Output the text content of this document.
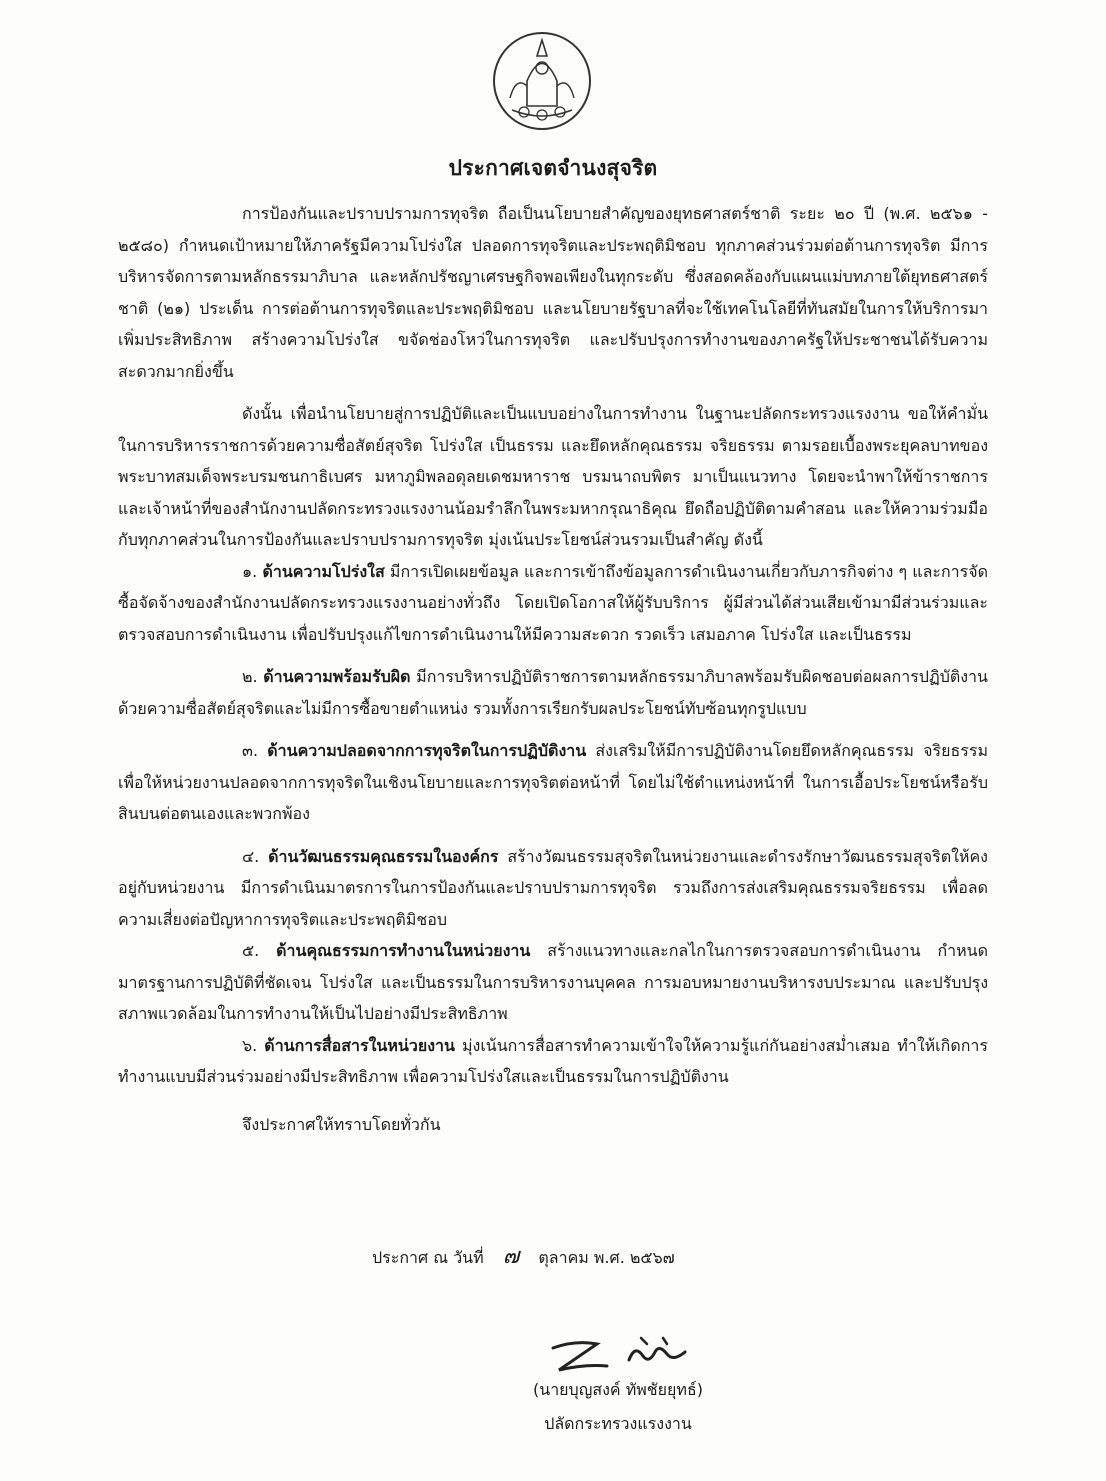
ประกาศเจตจำนงสุจริต

การป้องกันและปราบปรามการทุจริต ถือเป็นนโยบายสำคัญของยุทธศาสตร์ชาติ ระยะ ๒๐ ปี (พ.ศ. ๒๕๖๑ - ๒๕๘๐) กำหนดเป้าหมายให้ภาครัฐมีความโปร่งใส ปลอดการทุจริตและประพฤติมิชอบ ทุกภาคส่วนร่วมต่อต้านการทุจริต มีการบริหารจัดการตามหลักธรรมาภิบาล และหลักปรัชญาเศรษฐกิจพอเพียงในทุกระดับ ซึ่งสอดคล้องกับแผนแม่บทภายใต้ยุทธศาสตร์ชาติ (๒๑) ประเด็น การต่อต้านการทุจริตและประพฤติมิชอบ และนโยบายรัฐบาลที่จะใช้เทคโนโลยีที่ทันสมัยในการให้บริการมาเพิ่มประสิทธิภาพ สร้างความโปร่งใส ขจัดช่องโหว่ในการทุจริต และปรับปรุงการทำงานของภาครัฐให้ประชาชนได้รับความสะดวกมากยิ่งขึ้น

ดังนั้น เพื่อนำนโยบายสู่การปฏิบัติและเป็นแบบอย่างในการทำงาน ในฐานะปลัดกระทรวงแรงงาน ขอให้คำมั่นในการบริหารราชการด้วยความซื่อสัตย์สุจริต โปร่งใส เป็นธรรม และยึดหลักคุณธรรม จริยธรรม ตามรอยเบื้องพระยุคลบาทของพระบาทสมเด็จพระบรมชนกาธิเบศร มหาภูมิพลอดุลยเดชมหาราช บรมนาถบพิตร มาเป็นแนวทาง โดยจะนำพาให้ข้าราชการและเจ้าหน้าที่ของสำนักงานปลัดกระทรวงแรงงานน้อมรำลึกในพระมหากรุณาธิคุณ ยึดถือปฏิบัติตามคำสอน และให้ความร่วมมือกับทุกภาคส่วนในการป้องกันและปราบปรามการทุจริต มุ่งเน้นประโยชน์ส่วนรวมเป็นสำคัญ ดังนี้

๑. ด้านความโปร่งใส มีการเปิดเผยข้อมูล และการเข้าถึงข้อมูลการดำเนินงานเกี่ยวกับภารกิจต่าง ๆ และการจัดซื้อจัดจ้างของสำนักงานปลัดกระทรวงแรงงานอย่างทั่วถึง โดยเปิดโอกาสให้ผู้รับบริการ ผู้มีส่วนได้ส่วนเสียเข้ามามีส่วนร่วมและตรวจสอบการดำเนินงาน เพื่อปรับปรุงแก้ไขการดำเนินงานให้มีความสะดวก รวดเร็ว เสมอภาค โปร่งใส และเป็นธรรม

๒. ด้านความพร้อมรับผิด มีการบริหารปฏิบัติราชการตามหลักธรรมาภิบาลพร้อมรับผิดชอบต่อผลการปฏิบัติงานด้วยความซื่อสัตย์สุจริตและไม่มีการซื้อขายตำแหน่ง รวมทั้งการเรียกรับผลประโยชน์ทับซ้อนทุกรูปแบบ

๓. ด้านความปลอดจากการทุจริตในการปฏิบัติงาน ส่งเสริมให้มีการปฏิบัติงานโดยยึดหลักคุณธรรม จริยธรรม เพื่อให้หน่วยงานปลอดจากการทุจริตในเชิงนโยบายและการทุจริตต่อหน้าที่ โดยไม่ใช้ตำแหน่งหน้าที่ ในการเอื้อประโยชน์หรือรับสินบนต่อตนเองและพวกพ้อง

๔. ด้านวัฒนธรรมคุณธรรมในองค์กร สร้างวัฒนธรรมสุจริตในหน่วยงานและดำรงรักษาวัฒนธรรมสุจริตให้คงอยู่กับหน่วยงาน มีการดำเนินมาตรการในการป้องกันและปราบปรามการทุจริต รวมถึงการส่งเสริมคุณธรรมจริยธรรม เพื่อลดความเสี่ยงต่อปัญหาการทุจริตและประพฤติมิชอบ

๕. ด้านคุณธรรมการทำงานในหน่วยงาน สร้างแนวทางและกลไกในการตรวจสอบการดำเนินงาน กำหนดมาตรฐานการปฏิบัติที่ชัดเจน โปร่งใส และเป็นธรรมในการบริหารงานบุคคล การมอบหมายงานบริหารงบประมาณ และปรับปรุงสภาพแวดล้อมในการทำงานให้เป็นไปอย่างมีประสิทธิภาพ

๖. ด้านการสื่อสารในหน่วยงาน มุ่งเน้นการสื่อสารทำความเข้าใจให้ความรู้แก่กันอย่างสม่ำเสมอ ทำให้เกิดการทำงานแบบมีส่วนร่วมอย่างมีประสิทธิภาพ เพื่อความโปร่งใสและเป็นธรรมในการปฏิบัติงาน

จึงประกาศให้ทราบโดยทั่วกัน

ประกาศ ณ วันที่ ๗ ตุลาคม พ.ศ. ๒๕๖๗
(นายบุญสงค์ ทัพชัยยุทธ์)
ปลัดกระทรวงแรงงาน
